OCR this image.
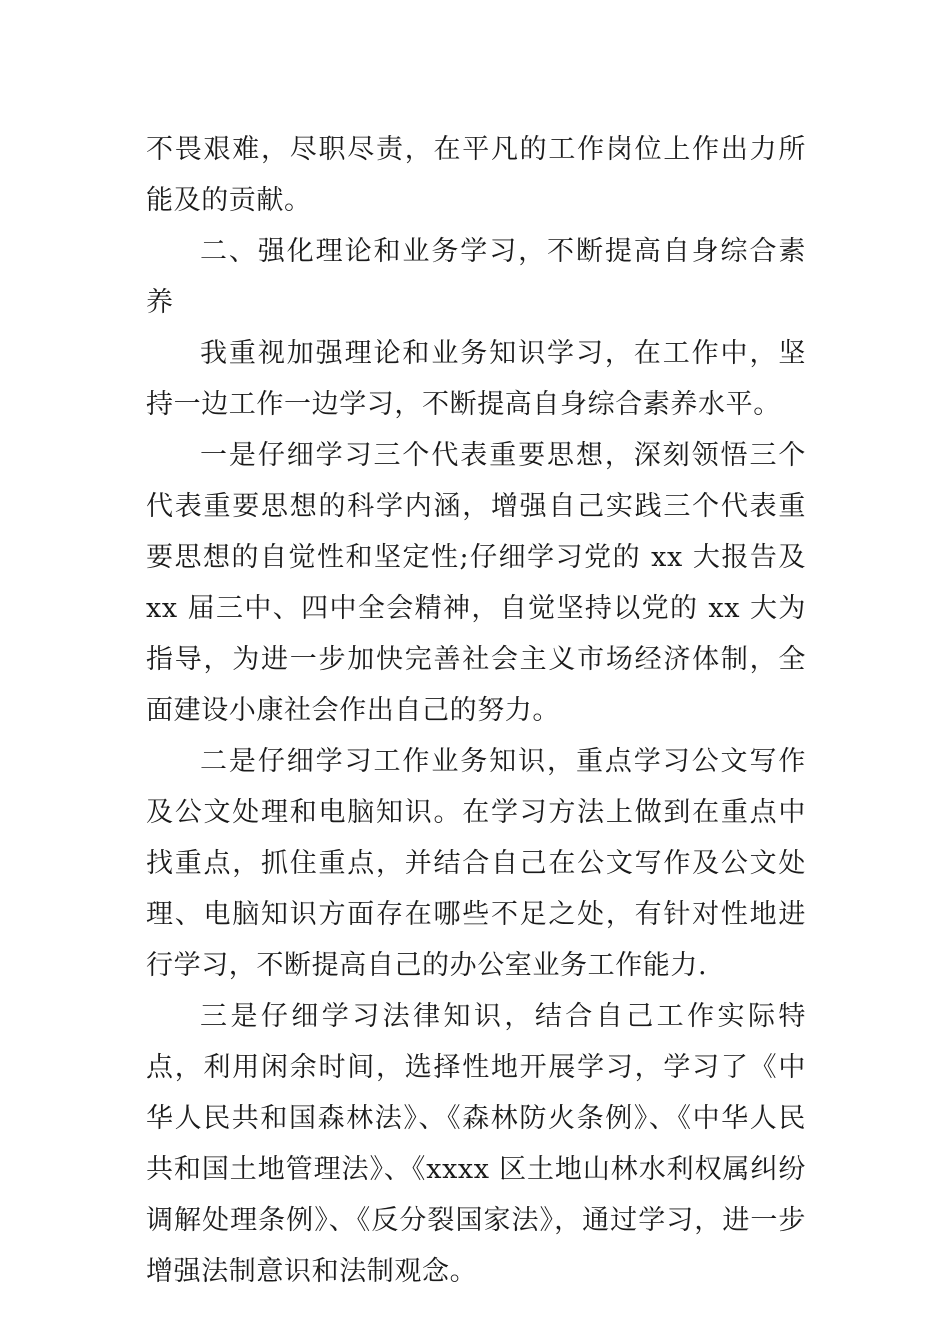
不畏艰难，尽职尽责，在平凡的工作岗位上作出力所能及的贡献。

二、强化理论和业务学习，不断提高自身综合素养

我重视加强理论和业务知识学习，在工作中，坚持一边工作一边学习，不断提高自身综合素养水平。

一是仔细学习三个代表重要思想，深刻领悟三个代表重要思想的科学内涵，增强自己实践三个代表重要思想的自觉性和坚定性;仔细学习党的 xx 大报告及 xx 届三中、四中全会精神，自觉坚持以党的 xx 大为指导，为进一步加快完善社会主义市场经济体制，全面建设小康社会作出自己的努力。

二是仔细学习工作业务知识，重点学习公文写作及公文处理和电脑知识。在学习方法上做到在重点中找重点，抓住重点，并结合自己在公文写作及公文处理、电脑知识方面存在哪些不足之处，有针对性地进行学习，不断提高自己的办公室业务工作能力.

三是仔细学习法律知识，结合自己工作实际特点，利用闲余时间，选择性地开展学习，学习了《中华人民共和国森林法》、《森林防火条例》、《中华人民共和国土地管理法》、《xxxx 区土地山林水利权属纠纷调解处理条例》、《反分裂国家法》，通过学习，进一步增强法制意识和法制观念。
